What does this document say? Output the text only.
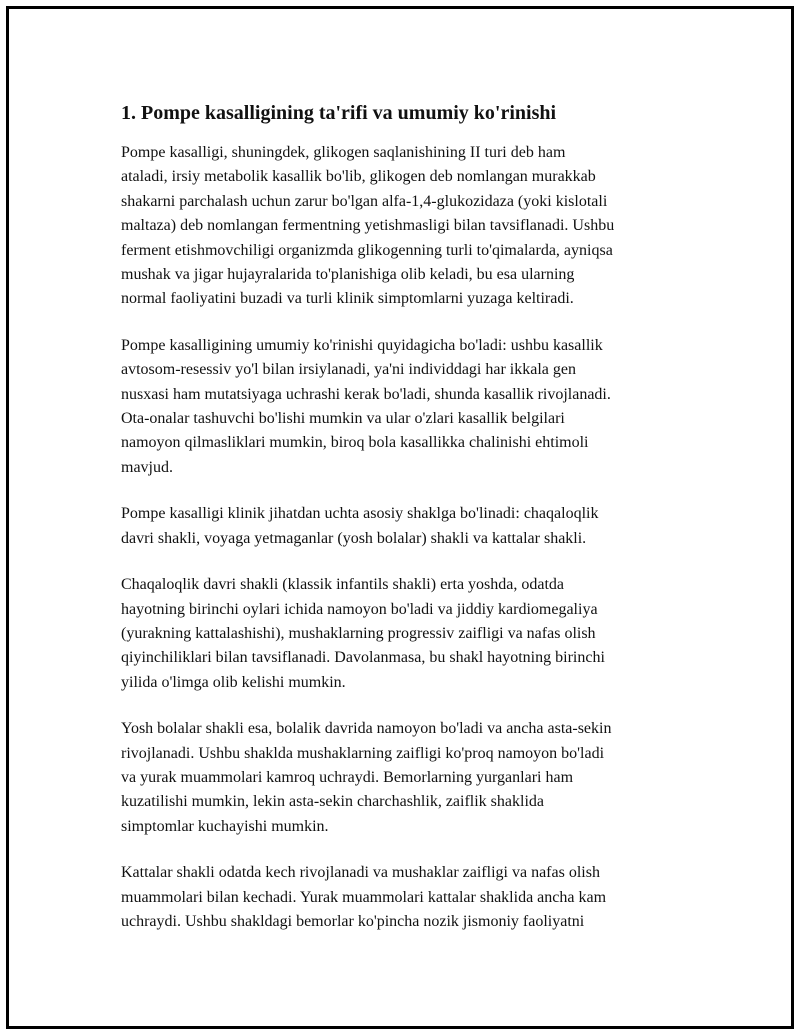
1. Pompe kasalligining ta'rifi va umumiy ko'rinishi

Pompe kasalligi, shuningdek, glikogen saqlanishining II turi deb ham
ataladi, irsiy metabolik kasallik bo'lib, glikogen deb nomlangan murakkab
shakarni parchalash uchun zarur bo'lgan alfa-1,4-glukozidaza (yoki kislotali
maltaza) deb nomlangan fermentning yetishmasligi bilan tavsiflanadi. Ushbu
ferment etishmovchiligi organizmda glikogenning turli to'qimalarda, ayniqsa
mushak va jigar hujayralarida to'planishiga olib keladi, bu esa ularning
normal faoliyatini buzadi va turli klinik simptomlarni yuzaga keltiradi.

Pompe kasalligining umumiy ko'rinishi quyidagicha bo'ladi: ushbu kasallik
avtosom-resessiv yo'l bilan irsiylanadi, ya'ni individdagi har ikkala gen
nusxasi ham mutatsiyaga uchrashi kerak bo'ladi, shunda kasallik rivojlanadi.
Ota-onalar tashuvchi bo'lishi mumkin va ular o'zlari kasallik belgilari
namoyon qilmasliklari mumkin, biroq bola kasallikka chalinishi ehtimoli
mavjud.

Pompe kasalligi klinik jihatdan uchta asosiy shaklga bo'linadi: chaqaloqlik
davri shakli, voyaga yetmaganlar (yosh bolalar) shakli va kattalar shakli.

Chaqaloqlik davri shakli (klassik infantils shakli) erta yoshda, odatda
hayotning birinchi oylari ichida namoyon bo'ladi va jiddiy kardiomegaliya
(yurakning kattalashishi), mushaklarning progressiv zaifligi va nafas olish
qiyinchiliklari bilan tavsiflanadi. Davolanmasa, bu shakl hayotning birinchi
yilida o'limga olib kelishi mumkin.

Yosh bolalar shakli esa, bolalik davrida namoyon bo'ladi va ancha asta-sekin
rivojlanadi. Ushbu shaklda mushaklarning zaifligi ko'proq namoyon bo'ladi
va yurak muammolari kamroq uchraydi. Bemorlarning yurganlari ham
kuzatilishi mumkin, lekin asta-sekin charchashlik, zaiflik shaklida
simptomlar kuchayishi mumkin.

Kattalar shakli odatda kech rivojlanadi va mushaklar zaifligi va nafas olish
muammolari bilan kechadi. Yurak muammolari kattalar shaklida ancha kam
uchraydi. Ushbu shakldagi bemorlar ko'pincha nozik jismoniy faoliyatni
